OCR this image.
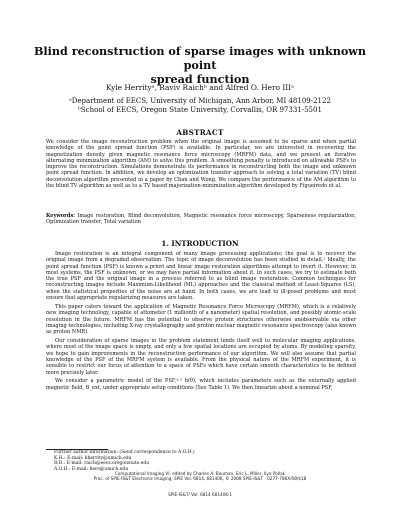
Blind reconstruction of sparse images with unknown point
spread function
Kyle Herrityᵃ, Raviv Raichᵇ and Alfred O. Hero IIIᵃ
ᵃDepartment of EECS, University of Michigan, Ann Arbor, MI 48109-2122
ᵇSchool of EECS, Oregon State University, Corvallis, OR 97331-5501
ABSTRACT
We consider the image reconstruction problem when the original image is assumed to be sparse and when partial knowledge of the point spread function (PSF) is available. In particular, we are interested in recovering the magnetization density given magnetic resonance force microscopy (MRFM) data, and we present an iterative alternating minimization algorithm (AM) to solve this problem. A smoothing penalty is introduced on allowable PSFs to improve the reconstruction. Simulations demonstrate its performance in reconstructing both the image and unknown point spread function. In addition, we develop an optimization transfer approach to solving a total variation (TV) blind deconvolution algorithm presented in a paper by Chan and Wong. We compare the performance of the AM algorithm to the blind TV algorithm as well as to a TV based majorization-minimization algorithm developed by Figueiredo et al.
Keywords: Image restoration, Blind deconvolution, Magnetic resonance force microscopy, Sparseness regularization, Optimization transfer, Total variation
1. INTRODUCTION

Image restoration is an integral component of many image processing applications; the goal is to recover the original image from a degraded observation. The topic of image deconvolution has been studied in detail.¹ Ideally, the point spread function (PSF) is known a priori and linear image restoration algorithms attempt to invert it. However, in most systems, the PSF is unknown, or we may have partial information about it. In such cases, we try to estimate both the true PSF and the original image in a process referred to as blind image restoration. Common techniques for reconstructing images include Maximum-Likelihood (ML) approaches and the classical method of Least-Squares (LS), when the statistical properties of the noise are at hand. In both cases, we are lead to ill-posed problems and must ensure that appropriate regularizing measures are taken.

This paper caters toward the application of Magnetic Resonance Force Microscopy (MRFM), which is a relatively new imaging technology, capable of attometer (1 millionth of a nanometer) spatial resolution, and possibly atomic-scale resolution in the future. MRFM has the potential to observe protein structures otherwise unobservable via other imaging technologies, including X-ray crystallography and proton nuclear magnetic resonance spectroscopy (also known as proton NMR).

Our consideration of sparse images in the problem statement lends itself well to molecular imaging applications, where most of the image space is empty, and only a few spatial locations are occupied by atoms. By modeling sparsity, we hope to gain improvements in the reconstruction performance of our algorithm. We will also assume that partial knowledge of the PSF of the MRFM system is available. From the physical nature of the MRFM experiment, it is sensible to restrict our focus of attention to a space of PSFs which have certain smooth characteristics to be defined more precisely later.

We consider a parametric model of the PSF,²˒³ h(θ), which includes parameters such as the externally applied magnetic field, B_ext, under appropriate setup conditions (See Table 1). We then linearize about a nominal PSF,

Further author information: (Send correspondence to A.O.H.)
K.H.: E-mail: kherrity@umich.edu
R.R.: E-mail: raich@eecs.oregonstate.edu
A.O.H.: E-mail: hero@umich.edu
Computational Imaging VI, edited by Charles A. Bouman, Eric L. Miller, Ilya Pollak
Proc. of SPIE-IS&T Electronic Imaging, SPIE Vol. 6814, 68140K, © 2008 SPIE-IS&T · 0277-786X/08/$18
SPIE-IS&T/ Vol. 6814 68140K-1
